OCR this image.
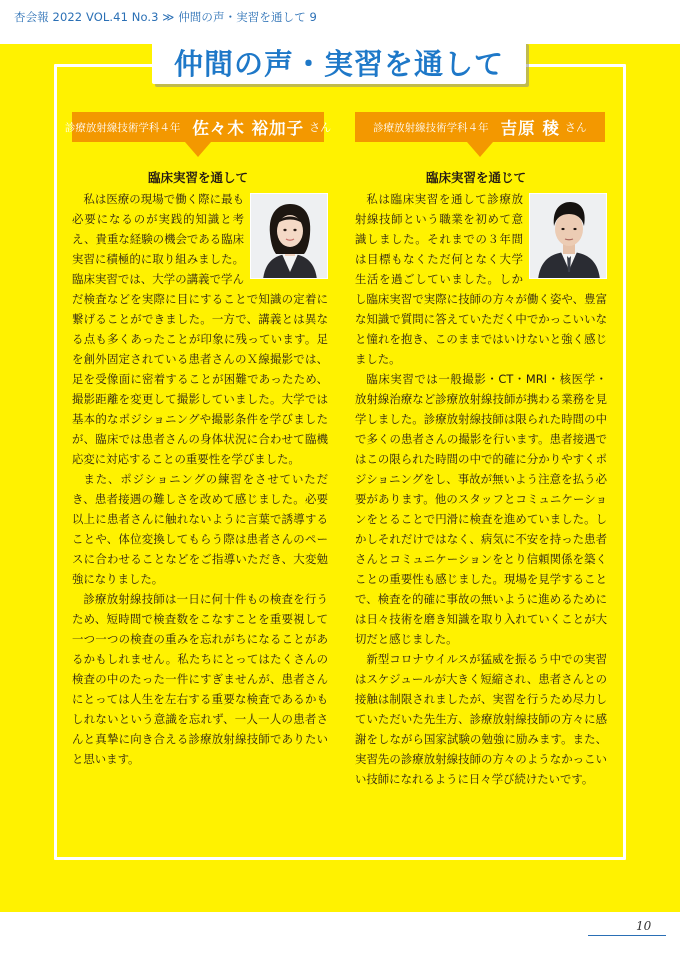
杏会報 2022 VOL.41 No.3 ≫ 仲間の声・実習を通して 9
仲間の声・実習を通して
診療放射線技術学科４年 佐々木 裕加子 さん	診療放射線技術学科４年 吉原 稜 さん
臨床実習を通して	臨床実習を通じて

私は医療の現場で働く際に最も必要になるのが実践的知識と考え、貴重な経験の機会である臨床実習に積極的に取り組みました。臨床実習では、大学の講義で学んだ検査などを実際に目にすることで知識の定着に繋げることができました。一方で、講義とは異なる点も多くあったことが印象に残っています。足を創外固定されている患者さんのＸ線撮影では、足を受像面に密着することが困難であったため、撮影距離を変更して撮影していました。大学では基本的なポジショニングや撮影条件を学びましたが、臨床では患者さんの身体状況に合わせて臨機応変に対応することの重要性を学びました。

また、ポジショニングの練習をさせていただき、患者接遇の難しさを改めて感じました。必要以上に患者さんに触れないように言葉で誘導することや、体位変換してもらう際は患者さんのペースに合わせることなどをご指導いただき、大変勉強になりました。

診療放射線技師は一日に何十件もの検査を行うため、短時間で検査数をこなすことを重要視して一つ一つの検査の重みを忘れがちになることがあるかもしれません。私たちにとってはたくさんの検査の中のたった一件にすぎませんが、患者さんにとっては人生を左右する重要な検査であるかもしれないという意識を忘れず、一人一人の患者さんと真摯に向き合える診療放射線技師でありたいと思います。

私は臨床実習を通して診療放射線技師という職業を初めて意識しました。それまでの３年間は目標もなくただ何となく大学生活を過ごしていました。しかし臨床実習で実際に技師の方々が働く姿や、豊富な知識で質問に答えていただく中でかっこいいなと憧れを抱き、このままではいけないと強く感じました。

臨床実習では一般撮影・CT・MRI・核医学・放射線治療など診療放射線技師が携わる業務を見学しました。診療放射線技師は限られた時間の中で多くの患者さんの撮影を行います。患者接遇ではこの限られた時間の中で的確に分かりやすくポジショニングをし、事故が無いよう注意を払う必要があります。他のスタッフとコミュニケーションをとることで円滑に検査を進めていました。しかしそれだけではなく、病気に不安を持った患者さんとコミュニケーションをとり信頼関係を築くことの重要性も感じました。現場を見学することで、検査を的確に事故の無いように進めるためには日々技術を磨き知識を取り入れていくことが大切だと感じました。

新型コロナウイルスが猛威を振るう中での実習はスケジュールが大きく短縮され、患者さんとの接触は制限されましたが、実習を行うため尽力していただいた先生方、診療放射線技師の方々に感謝をしながら国家試験の勉強に励みます。また、実習先の診療放射線技師の方々のようなかっこいい技師になれるように日々学び続けたいです。

10
